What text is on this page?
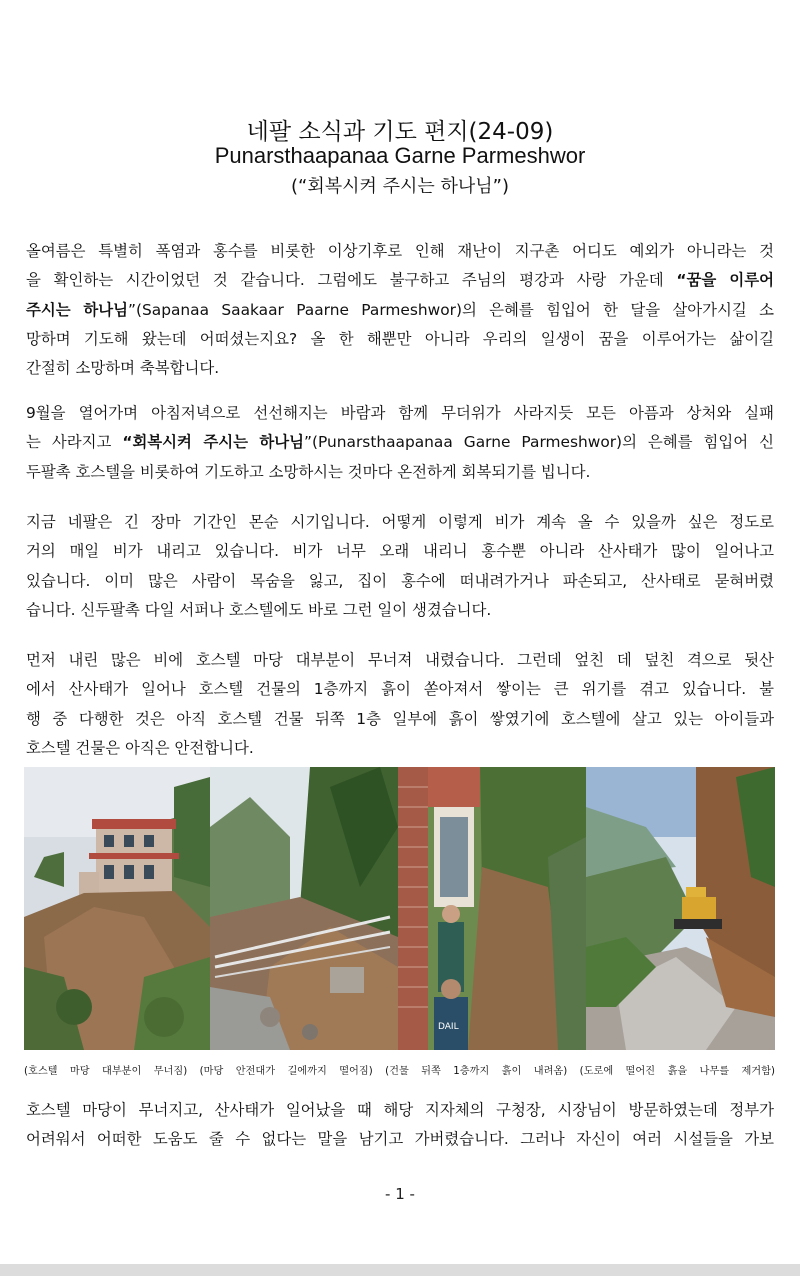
네팔 소식과 기도 편지(24-09)
Punarsthaapanaa Garne Parmeshwor
(“회복시켜 주시는 하나님”)
올여름은 특별히 폭염과 홍수를 비롯한 이상기후로 인해 재난이 지구촌 어디도 예외가 아니라는 것
을 확인하는 시간이었던 것 같습니다. 그럼에도 불구하고 주님의 평강과 사랑 가운데 “꿈을 이루어
주시는 하나님”(Sapanaa Saakaar Paarne Parmeshwor)의 은혜를 힘입어 한 달을 살아가시길 소
망하며 기도해 왔는데 어떠셨는지요? 올 한 해뿐만 아니라 우리의 일생이 꿈을 이루어가는 삶이길
간절히 소망하며 축복합니다.
9월을 열어가며 아침저녁으로 선선해지는 바람과 함께 무더위가 사라지듯 모든 아픔과 상처와 실패
는 사라지고 “회복시켜 주시는 하나님”(Punarsthaapanaa Garne Parmeshwor)의 은혜를 힘입어 신
두팔촉 호스텔을 비롯하여 기도하고 소망하시는 것마다 온전하게 회복되기를 빕니다.
지금 네팔은 긴 장마 기간인 몬순 시기입니다. 어떻게 이렇게 비가 계속 올 수 있을까 싶은 정도로
거의 매일 비가 내리고 있습니다. 비가 너무 오래 내리니 홍수뿐 아니라 산사태가 많이 일어나고
있습니다. 이미 많은 사람이 목숨을 잃고, 집이 홍수에 떠내려가거나 파손되고, 산사태로 묻혀버렸
습니다. 신두팔촉 다일 서퍼나 호스텔에도 바로 그런 일이 생겼습니다.
먼저 내린 많은 비에 호스텔 마당 대부분이 무너져 내렸습니다. 그런데 엎친 데 덮친 격으로 뒷산
에서 산사태가 일어나 호스텔 건물의 1층까지 흙이 쏟아져서 쌓이는 큰 위기를 겪고 있습니다. 불
행 중 다행한 것은 아직 호스텔 건물 뒤쪽 1층 일부에 흙이 쌓였기에 호스텔에 살고 있는 아이들과
호스텔 건물은 아직은 안전합니다.
DAIL
(호스텔 마당 대부분이 무너짐) (마당 안전대가 길에까지 떨어짐) (건물 뒤쪽 1층까지 흙이 내려옴) (도로에 떨어진 흙을 나무를 제거함)
호스텔 마당이 무너지고, 산사태가 일어났을 때 해당 지자체의 구청장, 시장님이 방문하였는데 정부가
어려워서 어떠한 도움도 줄 수 없다는 말을 남기고 가버렸습니다. 그러나 자신이 여러 시설들을 가보
- 1 -
